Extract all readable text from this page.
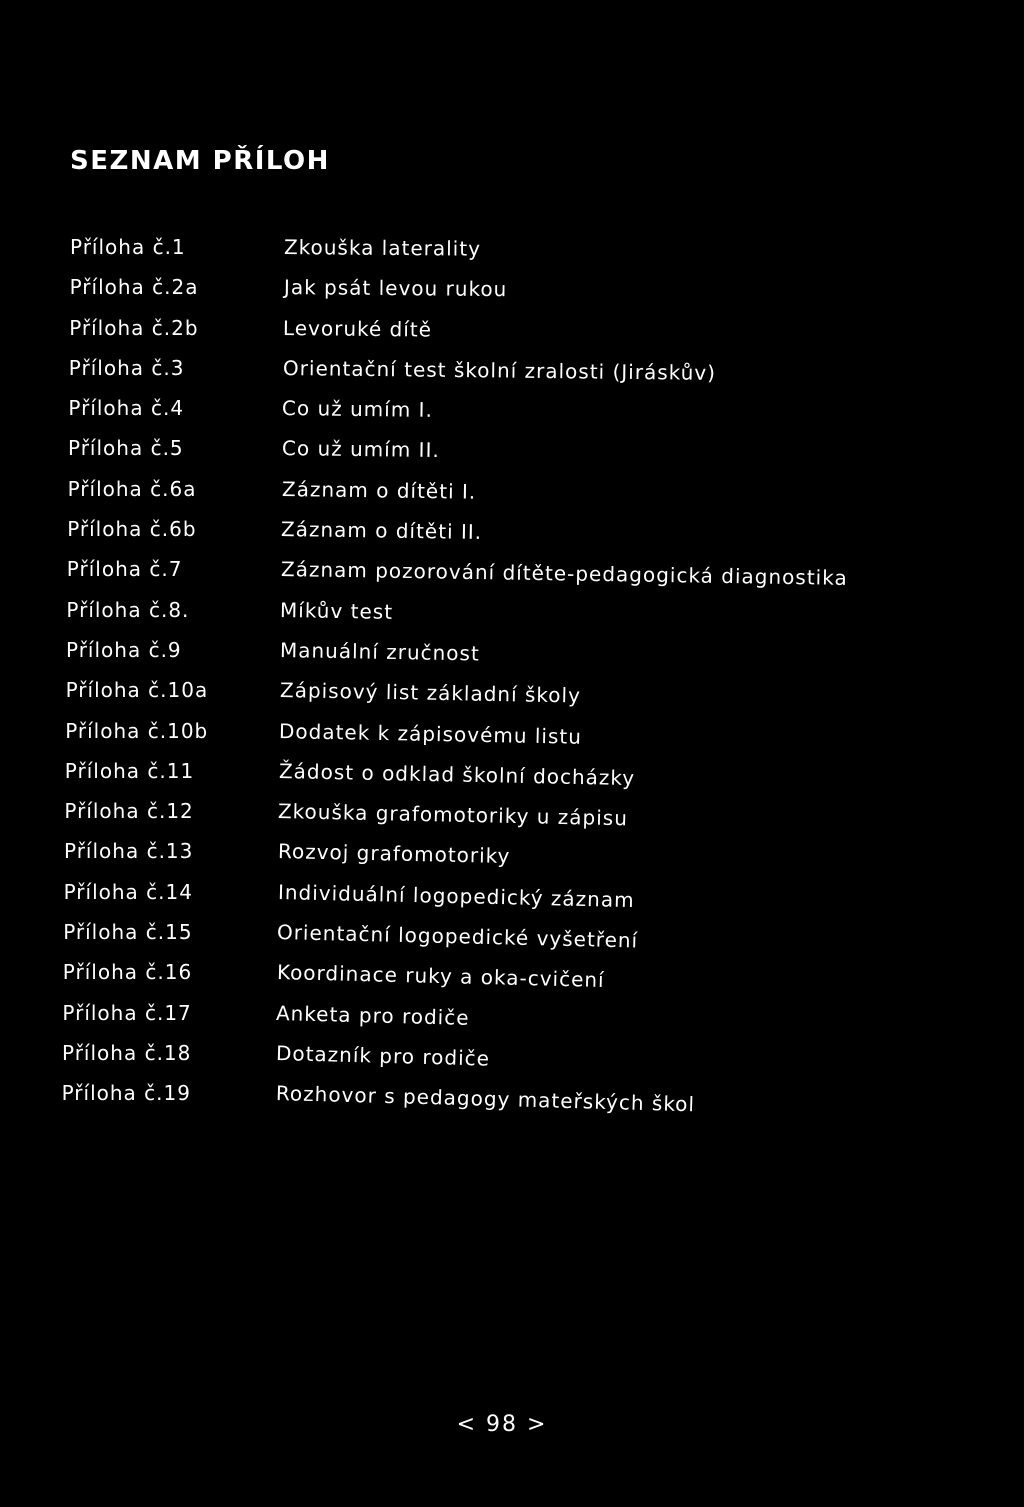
SEZNAM PŘÍLOH
Příloha č.1	Zkouška laterality
Příloha č.2a	Jak psát levou rukou
Příloha č.2b	Levoruké dítě
Příloha č.3	Orientační test školní zralosti (Jiráskův)
Příloha č.4	Co už umím I.
Příloha č.5	Co už umím II.
Příloha č.6a	Záznam o dítěti I.
Příloha č.6b	Záznam o dítěti II.
Příloha č.7	Záznam pozorování dítěte-pedagogická diagnostika
Příloha č.8.	Míkův test
Příloha č.9	Manuální zručnost
Příloha č.10a	Zápisový list základní školy
Příloha č.10b	Dodatek k zápisovému listu
Příloha č.11	Žádost o odklad školní docházky
Příloha č.12	Zkouška grafomotoriky u zápisu
Příloha č.13	Rozvoj grafomotoriky
Příloha č.14	Individuální logopedický záznam
Příloha č.15	Orientační logopedické vyšetření
Příloha č.16	Koordinace ruky a oka-cvičení
Příloha č.17	Anketa pro rodiče
Příloha č.18	Dotazník pro rodiče
Příloha č.19	Rozhovor s pedagogy mateřských škol
< 98 >
